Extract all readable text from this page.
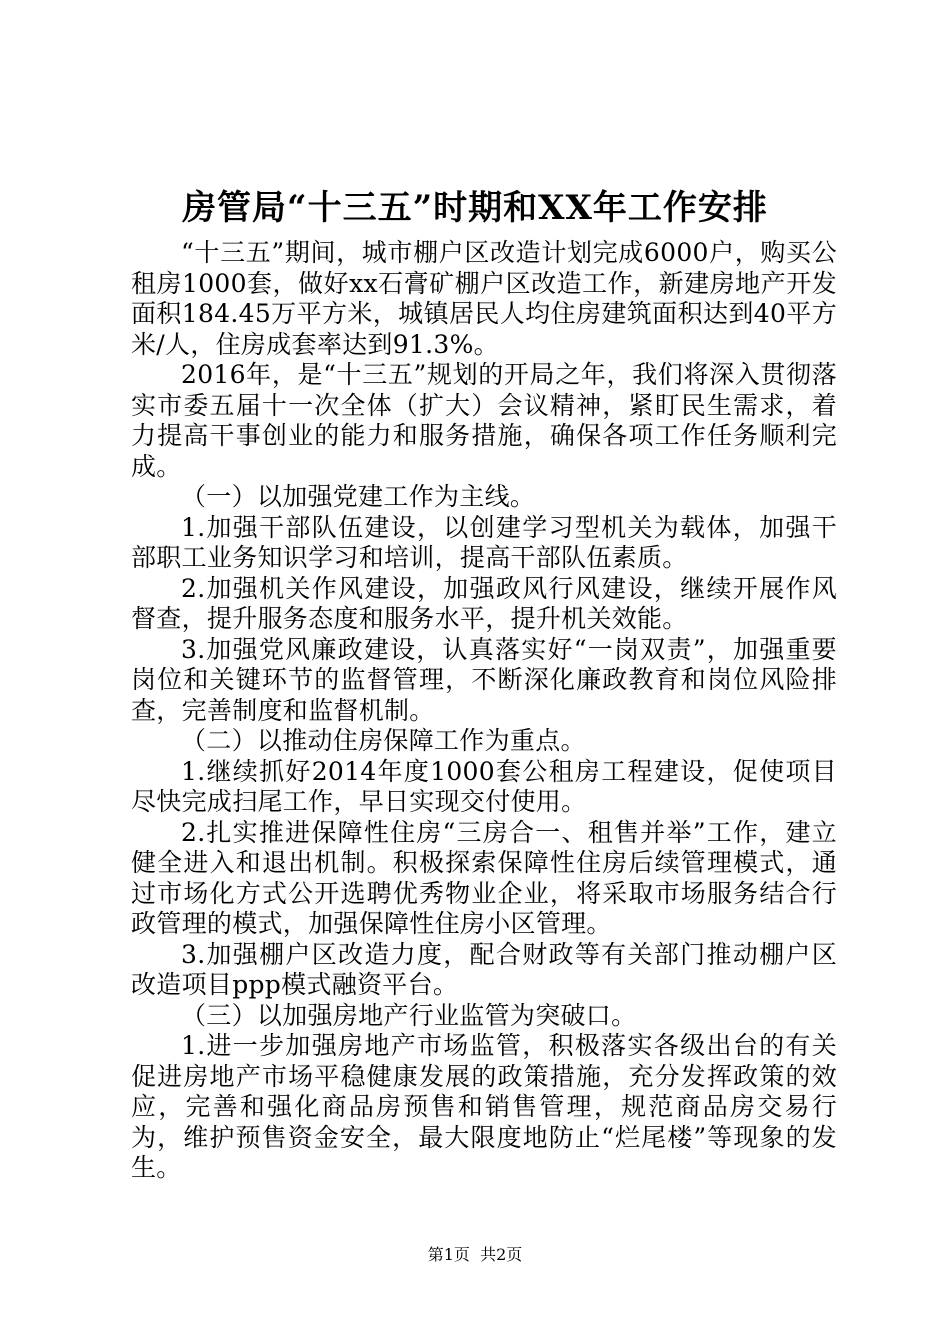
房管局“十三五”时期和XX年工作安排

“十三五”期间，城市棚户区改造计划完成6000户，购买公租房1000套，做好xx石膏矿棚户区改造工作，新建房地产开发面积184.45万平方米，城镇居民人均住房建筑面积达到40平方米/人，住房成套率达到91.3%。

2016年，是“十三五”规划的开局之年，我们将深入贯彻落实市委五届十一次全体（扩大）会议精神，紧盯民生需求，着力提高干事创业的能力和服务措施，确保各项工作任务顺利完成。

（一）以加强党建工作为主线。

1.加强干部队伍建设，以创建学习型机关为载体，加强干部职工业务知识学习和培训，提高干部队伍素质。

2.加强机关作风建设，加强政风行风建设，继续开展作风督查，提升服务态度和服务水平，提升机关效能。

3.加强党风廉政建设，认真落实好“一岗双责”，加强重要岗位和关键环节的监督管理，不断深化廉政教育和岗位风险排查，完善制度和监督机制。

（二）以推动住房保障工作为重点。

1.继续抓好2014年度1000套公租房工程建设，促使项目尽快完成扫尾工作，早日实现交付使用。

2.扎实推进保障性住房“三房合一、租售并举”工作，建立健全进入和退出机制。积极探索保障性住房后续管理模式，通过市场化方式公开选聘优秀物业企业，将采取市场服务结合行政管理的模式，加强保障性住房小区管理。

3.加强棚户区改造力度，配合财政等有关部门推动棚户区改造项目ppp模式融资平台。

（三）以加强房地产行业监管为突破口。

1.进一步加强房地产市场监管，积极落实各级出台的有关促进房地产市场平稳健康发展的政策措施，充分发挥政策的效应，完善和强化商品房预售和销售管理，规范商品房交易行为，维护预售资金安全，最大限度地防止“烂尾楼”等现象的发生。

第1页 共2页
